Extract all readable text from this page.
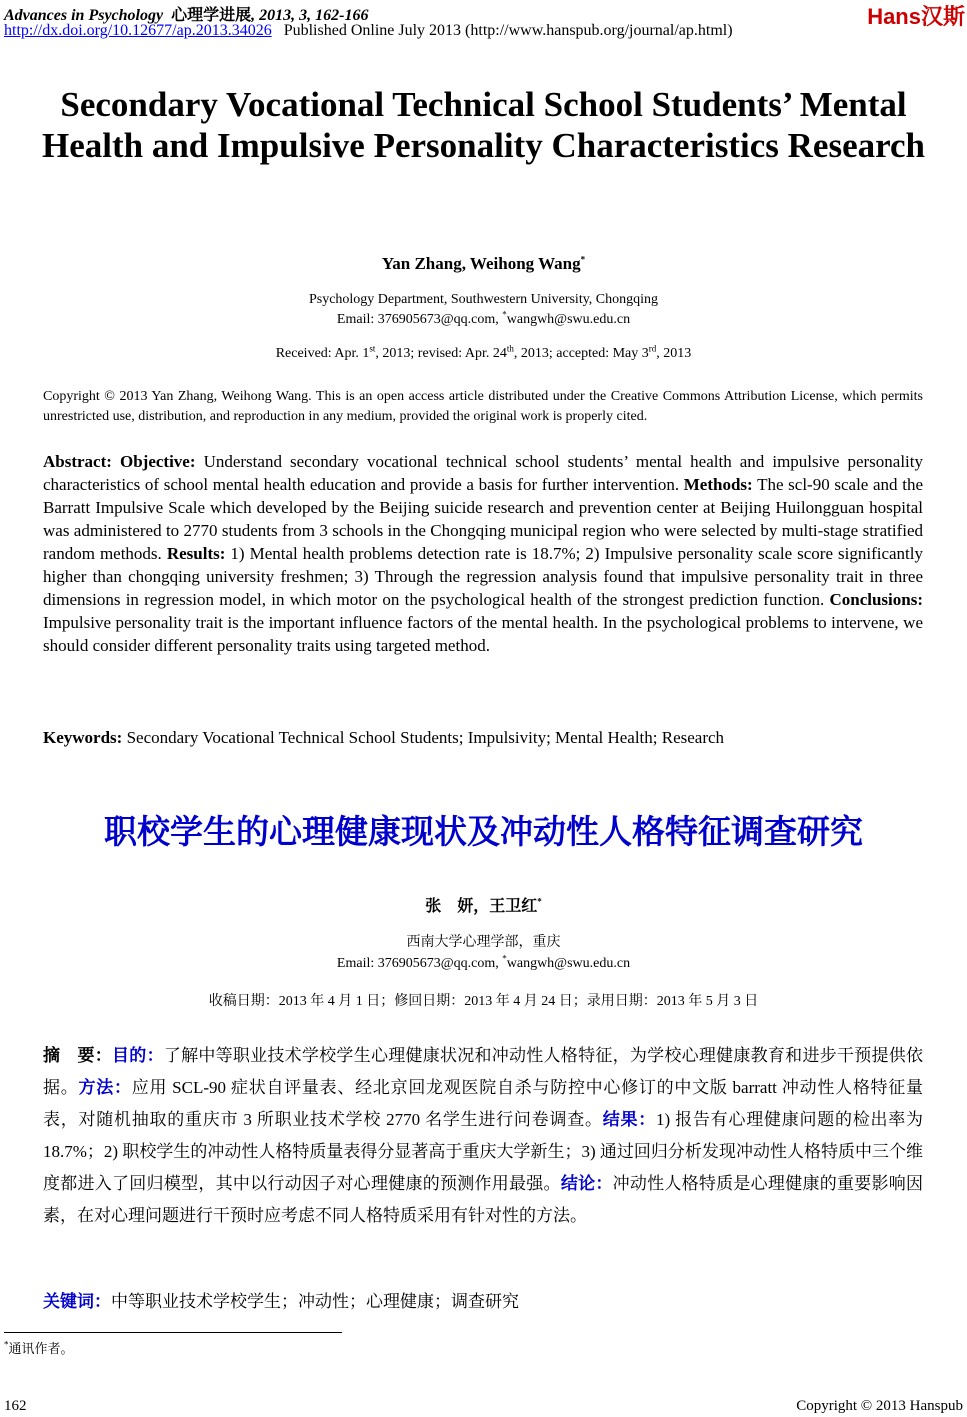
Advances in Psychology 心理学进展, 2013, 3, 162-166
http://dx.doi.org/10.12677/ap.2013.34026 Published Online July 2013 (http://www.hanspub.org/journal/ap.html)
Hans汉斯
Secondary Vocational Technical School Students’ Mental Health and Impulsive Personality Characteristics Research
Yan Zhang, Weihong Wang*
Psychology Department, Southwestern University, Chongqing
Email: 376905673@qq.com, *wangwh@swu.edu.cn
Received: Apr. 1st, 2013; revised: Apr. 24th, 2013; accepted: May 3rd, 2013
Copyright © 2013 Yan Zhang, Weihong Wang. This is an open access article distributed under the Creative Commons Attribution License, which permits unrestricted use, distribution, and reproduction in any medium, provided the original work is properly cited.
Abstract: Objective: Understand secondary vocational technical school students’ mental health and impulsive personality characteristics of school mental health education and provide a basis for further intervention. Methods: The scl-90 scale and the Barratt Impulsive Scale which developed by the Beijing suicide research and prevention center at Beijing Huilongguan hospital was administered to 2770 students from 3 schools in the Chongqing municipal region who were selected by multi-stage stratified random methods. Results: 1) Mental health problems detection rate is 18.7%; 2) Impulsive personality scale score significantly higher than chongqing university freshmen; 3) Through the regression analysis found that impulsive personality trait in three dimensions in regression model, in which motor on the psychological health of the strongest prediction function. Conclusions: Impulsive personality trait is the important influence factors of the mental health. In the psychological problems to intervene, we should consider different personality traits using targeted method.
Keywords: Secondary Vocational Technical School Students; Impulsivity; Mental Health; Research
职校学生的心理健康现状及冲动性人格特征调查研究
张　妍，王卫红*
西南大学心理学部，重庆
Email: 376905673@qq.com, *wangwh@swu.edu.cn
收稿日期：2013 年 4 月 1 日；修回日期：2013 年 4 月 24 日；录用日期：2013 年 5 月 3 日
摘　要：目的：了解中等职业技术学校学生心理健康状况和冲动性人格特征，为学校心理健康教育和进步干预提供依据。方法：应用 SCL-90 症状自评量表、经北京回龙观医院自杀与防控中心修订的中文版 barratt 冲动性人格特征量表，对随机抽取的重庆市 3 所职业技术学校 2770 名学生进行问卷调查。结果：1) 报告有心理健康问题的检出率为 18.7%；2) 职校学生的冲动性人格特质量表得分显著高于重庆大学新生；3) 通过回归分析发现冲动性人格特质中三个维度都进入了回归模型，其中以行动因子对心理健康的预测作用最强。结论：冲动性人格特质是心理健康的重要影响因素，在对心理问题进行干预时应考虑不同人格特质采用有针对性的方法。
关键词：中等职业技术学校学生；冲动性；心理健康；调查研究
*通讯作者。
162	Copyright © 2013 Hanspub
